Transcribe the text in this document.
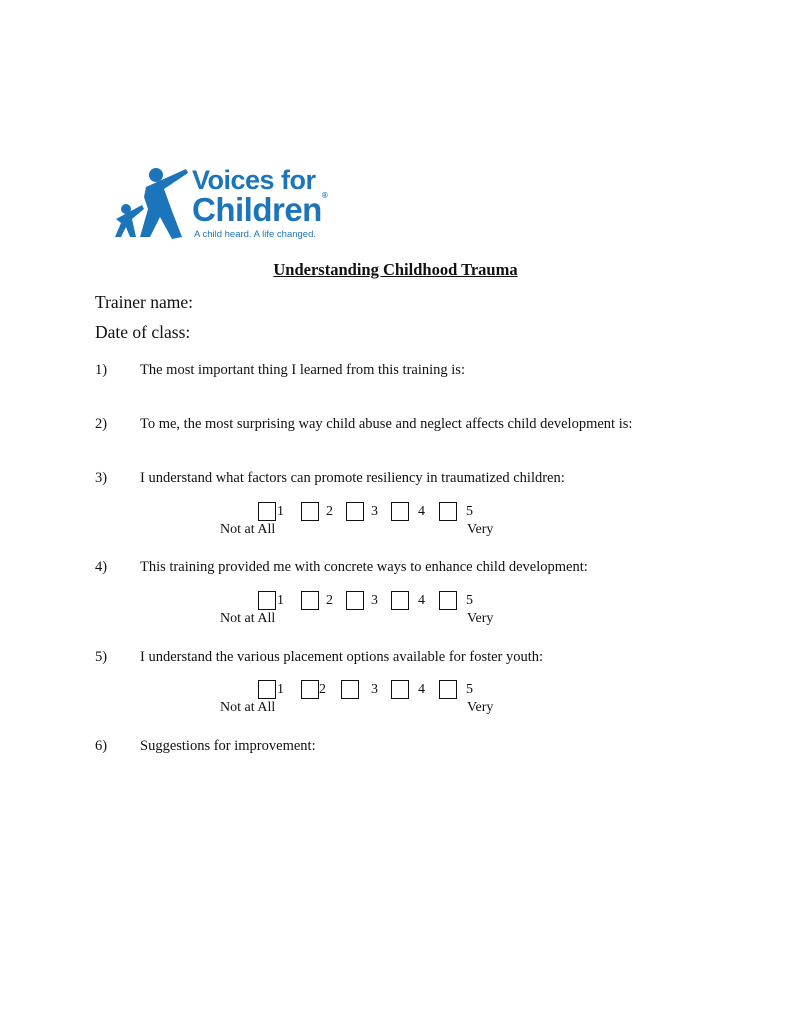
Voices for
Children®
A child heard. A life changed.
Understanding Childhood Trauma
Trainer name:
Date of class:
1) The most important thing I learned from this training is:
2) To me, the most surprising way child abuse and neglect affects child development is:
3) I understand what factors can promote resiliency in traumatized children:
1	2	3	4	5
Not at All	Very
4) This training provided me with concrete ways to enhance child development:
1	2	3	4	5
Not at All	Very
5) I understand the various placement options available for foster youth:
1	2	3	4	5
Not at All	Very
6) Suggestions for improvement:
